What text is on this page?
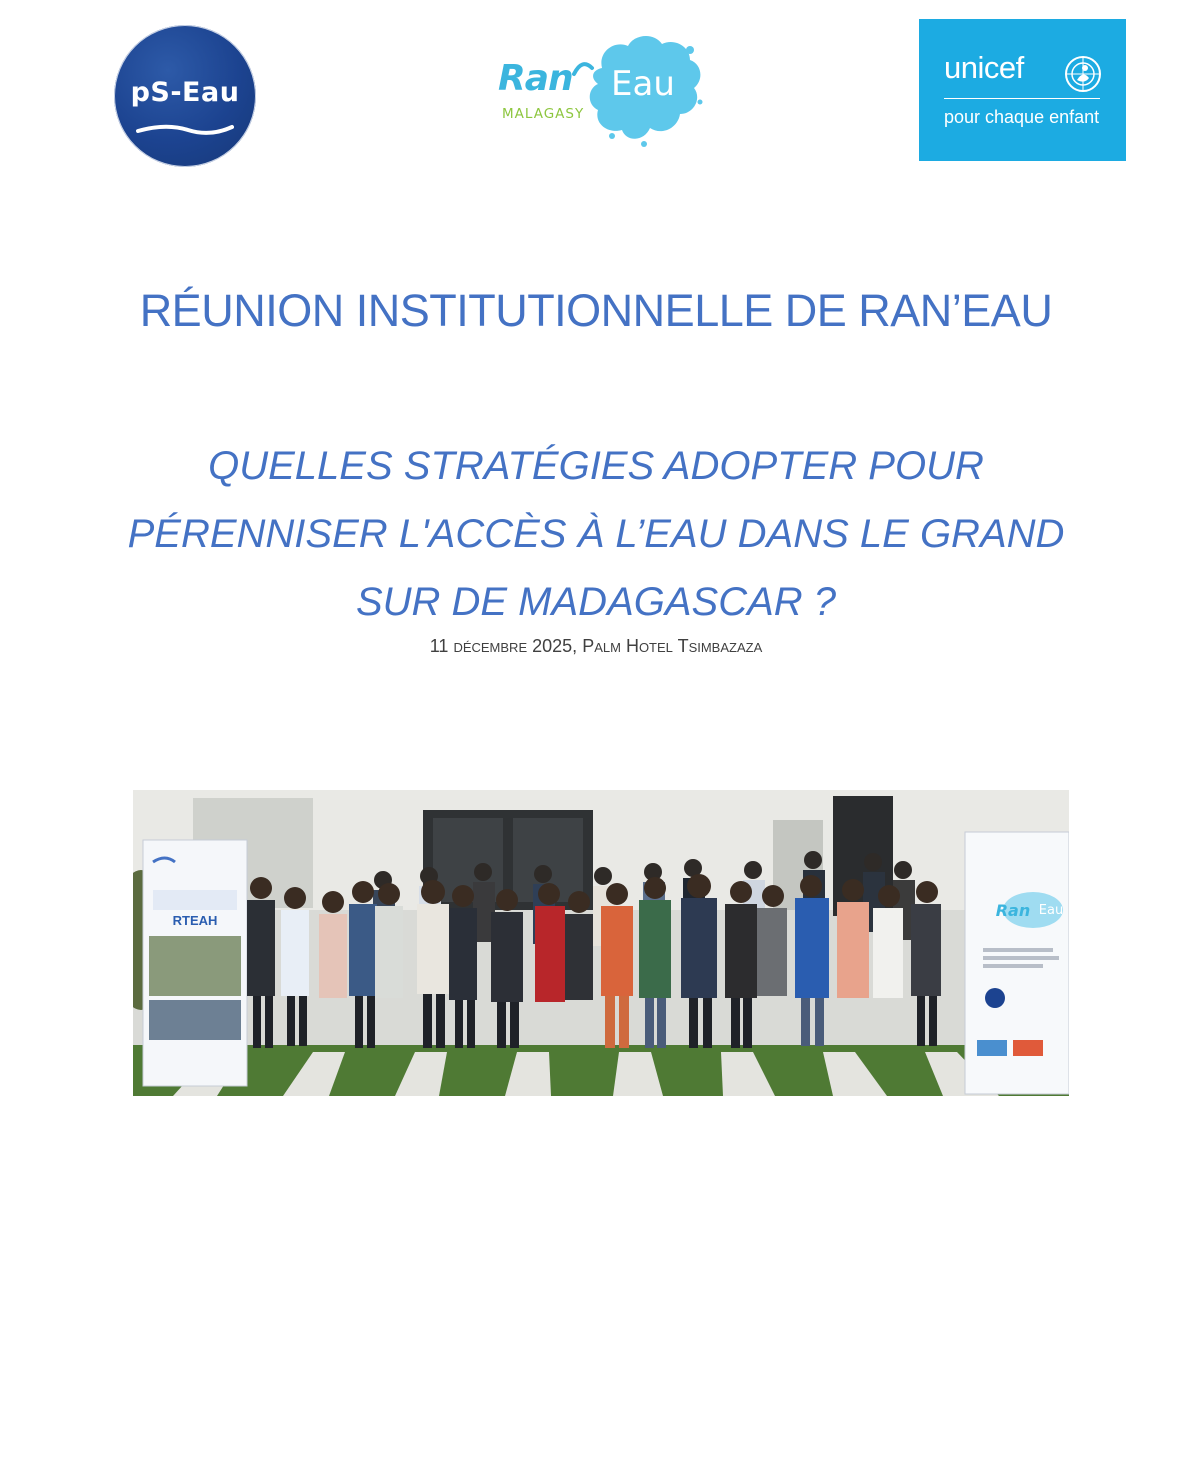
pS-Eau	Ran Eau
MALAGASY
unicef
pour chaque enfant
RÉUNION INSTITUTIONNELLE DE RAN’EAU
QUELLES STRATÉGIES ADOPTER POUR
PÉRENNISER L'ACCÈS À L’EAU DANS LE GRAND
SUR DE MADAGASCAR ?
11 décembre 2025, Palm Hotel Tsimbazaza
RTEAH
Ran Eau
